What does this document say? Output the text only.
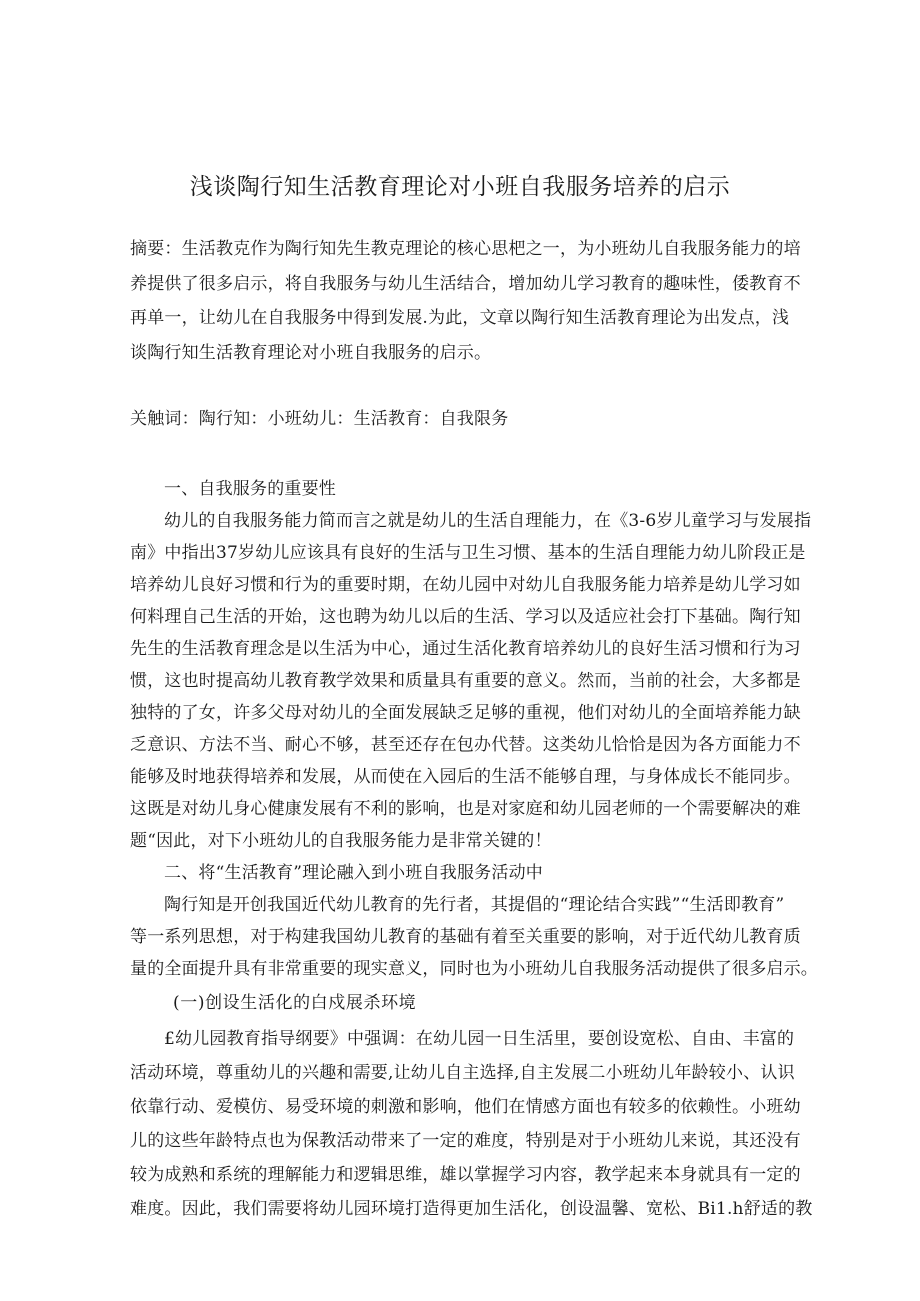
浅谈陶行知生活教育理论对小班自我服务培养的启示
摘要：生活教克作为陶行知先生教克理论的核心思杷之一，为小班幼儿自我服务能力的培
养提供了很多启示，将自我服务与幼儿生活结合，增加幼儿学习教育的趣味性，倭教育不
再单一，让幼儿在自我服务中得到发展.为此，文章以陶行知生活教育理论为出发点，浅
谈陶行知生活教育理论对小班自我服务的启示。
关触词：陶行知：小班幼儿：生活教育：自我限务
一、自我服务的重要性
幼儿的自我服务能力简而言之就是幼儿的生活自理能力，在《3-6岁儿童学习与发展指
南》中指出37岁幼儿应该具有良好的生活与卫生习惯、基本的生活自理能力幼儿阶段正是
培养幼儿良好习惯和行为的重要时期，在幼儿园中对幼儿自我服务能力培养是幼儿学习如
何料理自己生活的开始，这也聘为幼儿以后的生活、学习以及适应社会打下基础。陶行知
先生的生活教育理念是以生活为中心，通过生活化教育培养幼儿的良好生活习惯和行为习
惯，这也时提高幼儿教育教学效果和质量具有重要的意义。然而，当前的社会，大多都是
独特的了女，许多父母对幼儿的全面发展缺乏足够的重视，他们对幼儿的全面培养能力缺
乏意识、方法不当、耐心不够，甚至还存在包办代替。这类幼儿恰恰是因为各方面能力不
能够及时地获得培养和发展，从而使在入园后的生活不能够自理，与身体成长不能同步。
这既是对幼儿身心健康发展有不利的影响，也是对家庭和幼儿园老师的一个需要解决的难
题“因此，对下小班幼儿的自我服务能力是非常关键的！
二、将“生活教育”理论融入到小班自我服务活动中
陶行知是开创我国近代幼儿教育的先行者，其提倡的“理论结合实践”“生活即教育”
等一系列思想，对于构建我国幼儿教育的基础有着至关重要的影响，对于近代幼儿教育质
量的全面提升具有非常重要的现实意义，同时也为小班幼儿自我服务活动提供了很多启示。
(一)创设生活化的白戍展杀环境
£幼儿园教育指导纲要》中强调：在幼儿园一日生活里，要创设宽松、自由、丰富的
活动环境，尊重幼儿的兴趣和需要,让幼儿自主选择,自主发展二小班幼儿年龄较小、认识
依靠行动、爱模仿、易受环境的刺激和影响，他们在情感方面也有较多的依赖性。小班幼
儿的这些年龄特点也为保教活动带来了一定的难度，特别是对于小班幼儿来说，其还没有
较为成熟和系统的理解能力和逻辑思维，雄以掌握学习内容，教学起来本身就具有一定的
难度。因此，我们需要将幼儿园环境打造得更加生活化，创设温馨、宽松、Bi1.h舒适的教
